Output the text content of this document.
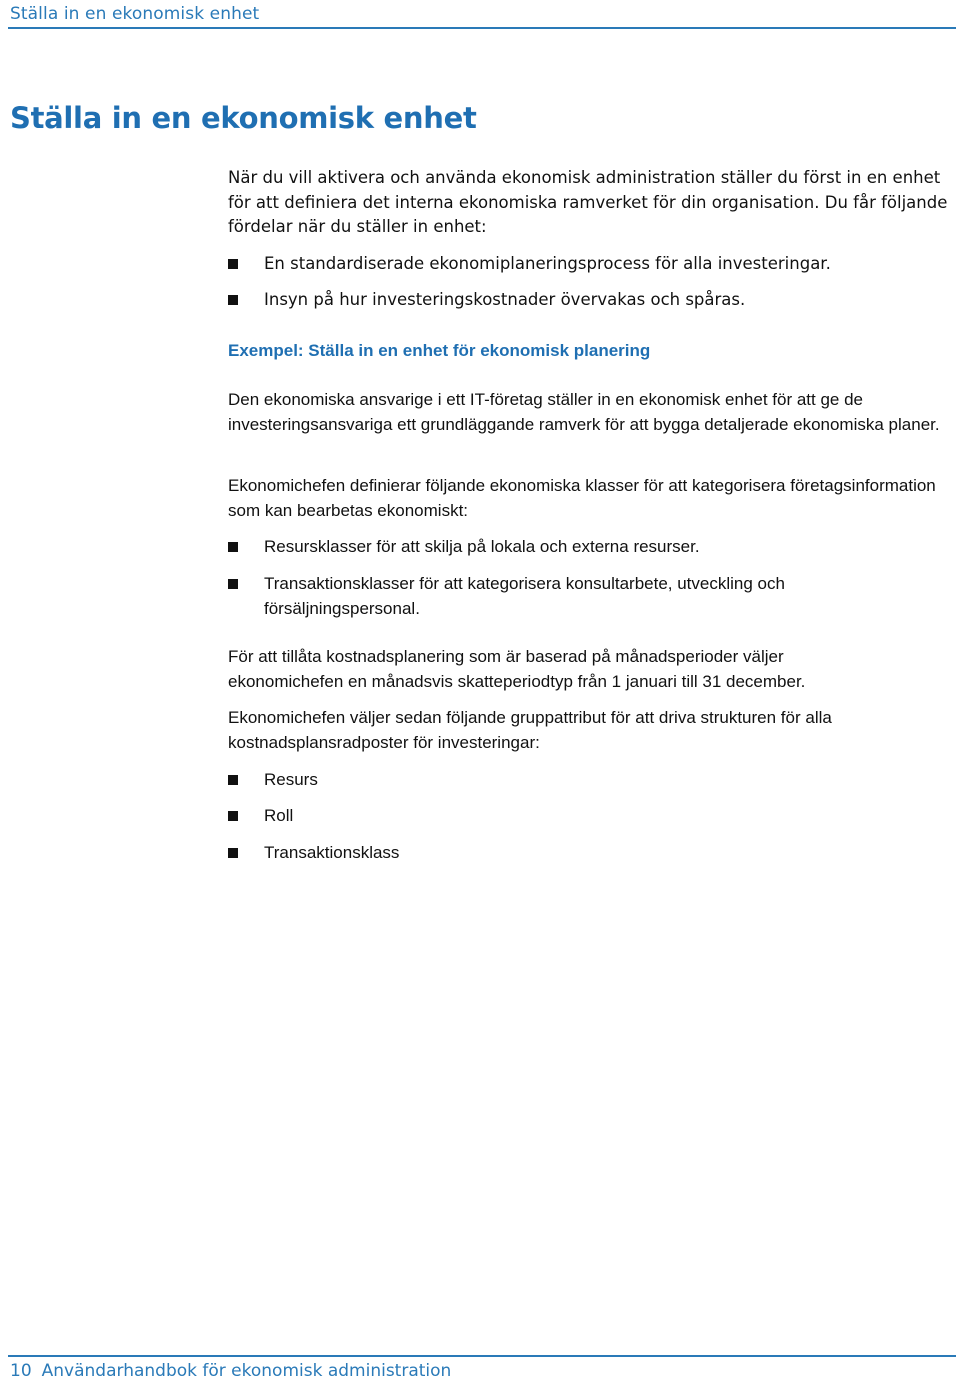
Ställa in en ekonomisk enhet
Ställa in en ekonomisk enhet

När du vill aktivera och använda ekonomisk administration ställer du först in en enhet för att definiera det interna ekonomiska ramverket för din organisation. Du får följande fördelar när du ställer in enhet:

En standardiserade ekonomiplaneringsprocess för alla investeringar.

Insyn på hur investeringskostnader övervakas och spåras.

Exempel: Ställa in en enhet för ekonomisk planering

Den ekonomiska ansvarige i ett IT-företag ställer in en ekonomisk enhet för att ge de investeringsansvariga ett grundläggande ramverk för att bygga detaljerade ekonomiska planer.

Ekonomichefen definierar följande ekonomiska klasser för att kategorisera företagsinformation som kan bearbetas ekonomiskt:

Resursklasser för att skilja på lokala och externa resurser.

Transaktionsklasser för att kategorisera konsultarbete, utveckling och försäljningspersonal.

För att tillåta kostnadsplanering som är baserad på månadsperioder väljer ekonomichefen en månadsvis skatteperiodtyp från 1 januari till 31 december.

Ekonomichefen väljer sedan följande gruppattribut för att driva strukturen för alla kostnadsplansradposter för investeringar:

Resurs

Roll

Transaktionsklass

10 Användarhandbok för ekonomisk administration
